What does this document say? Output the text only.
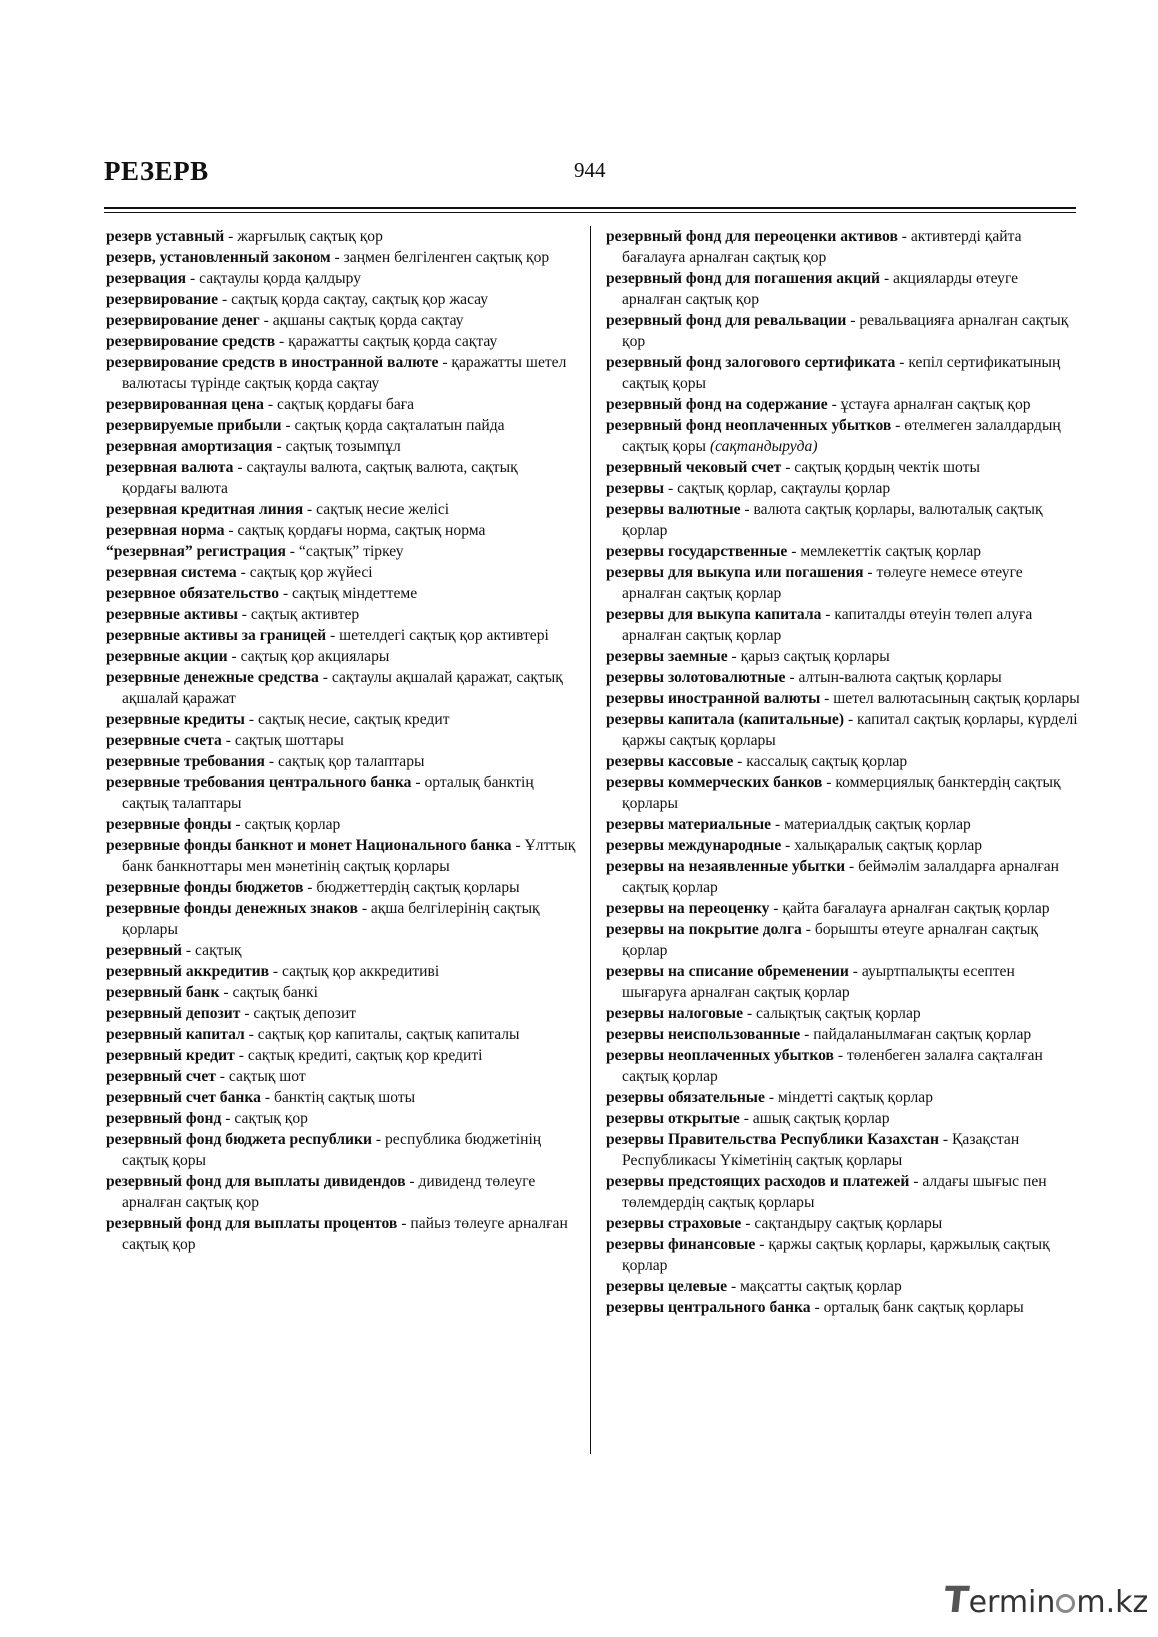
РЕЗЕРВ	944
резерв уставный - жарғылық сақтық қор
резерв, установленный законом - заңмен белгіленген сақтық қор
резервация - сақтаулы қорда қалдыру
резервирование - сақтық қорда сақтау, сақтық қор жасау
резервирование денег - ақшаны сақтық қорда сақтау
резервирование средств - қаражатты сақтық қорда сақтау
резервирование средств в иностранной валюте - қаражатты шетел валютасы түрінде сақтық қорда сақтау
резервированная цена - сақтық қордағы баға
резервируемые прибыли - сақтық қорда сақталатын пайда
резервная амортизация - сақтық тозымпұл
резервная валюта - сақтаулы валюта, сақтық валюта, сақтық қордағы валюта
резервная кредитная линия - сақтық несие желісі
резервная норма - сақтық қордағы норма, сақтық норма
“резервная” регистрация - “сақтық” тіркеу
резервная система - сақтық қор жүйесі
резервное обязательство - сақтық міндеттеме
резервные активы - сақтық активтер
резервные активы за границей - шетелдегі сақтық қор активтері
резервные акции - сақтық қор акциялары
резервные денежные средства - сақтаулы ақшалай қаражат, сақтық ақшалай қаражат
резервные кредиты - сақтық несие, сақтық кредит
резервные счета - сақтық шоттары
резервные требования - сақтық қор талаптары
резервные требования центрального банка - орталық банктің сақтық талаптары
резервные фонды - сақтық қорлар
резервные фонды банкнот и монет Национального банка - Ұлттық банк банкноттары мен мәнетінің сақтық қорлары
резервные фонды бюджетов - бюджеттердің сақтық қорлары
резервные фонды денежных знаков - ақша белгілерінің сақтық қорлары
резервный - сақтық
резервный аккредитив - сақтық қор аккредитиві
резервный банк - сақтық банкі
резервный депозит - сақтық депозит
резервный капитал - сақтық қор капиталы, сақтық капиталы
резервный кредит - сақтық кредиті, сақтық қор кредиті
резервный счет - сақтық шот
резервный счет банка - банктің сақтық шоты
резервный фонд - сақтық қор
резервный фонд бюджета республики - республика бюджетінің сақтық қоры
резервный фонд для выплаты дивидендов - дивиденд төлеуге арналған сақтық қор
резервный фонд для выплаты процентов - пайыз төлеуге арналған сақтық қор
резервный фонд для переоценки активов - активтерді қайта бағалауға арналған сақтық қор
резервный фонд для погашения акций - акцияларды өтеуге арналған сақтық қор
резервный фонд для ревальвации - ревальвацияға арналған сақтық қор
резервный фонд залогового сертификата - кепіл сертификатының сақтық қоры
резервный фонд на содержание - ұстауға арналған сақтық қор
резервный фонд неоплаченных убытков - өтелмеген залалдардың сақтық қоры (сақтандыруда)
резервный чековый счет - сақтық қордың чектік шоты
резервы - сақтық қорлар, сақтаулы қорлар
резервы валютные - валюта сақтық қорлары, валюталық сақтық қорлар
резервы государственные - мемлекеттік сақтық қорлар
резервы для выкупа или погашения - төлеуге немесе өтеуге арналған сақтық қорлар
резервы для выкупа капитала - капиталды өтеуін төлеп алуға арналған сақтық қорлар
резервы заемные - қарыз сақтық қорлары
резервы золотовалютные - алтын-валюта сақтық қорлары
резервы иностранной валюты - шетел валютасының сақтық қорлары
резервы капитала (капитальные) - капитал сақтық қорлары, күрделі қаржы сақтық қорлары
резервы кассовые - кассалық сақтық қорлар
резервы коммерческих банков - коммерциялық банктердің сақтық қорлары
резервы материальные - материалдық сақтық қорлар
резервы международные - халықаралық сақтық қорлар
резервы на незаявленные убытки - беймәлім залалдарға арналған сақтық қорлар
резервы на переоценку - қайта бағалауға арналған сақтық қорлар
резервы на покрытие долга - борышты өтеуге арналған сақтық қорлар
резервы на списание обременении - ауыртпалықты есептен шығаруға арналған сақтық қорлар
резервы налоговые - салықтық сақтық қорлар
резервы неиспользованные - пайдаланылмаған сақтық қорлар
резервы неоплаченных убытков - төленбеген залалға сақталған сақтық қорлар
резервы обязательные - міндетті сақтық қорлар
резервы открытые - ашық сақтық қорлар
резервы Правительства Республики Казахстан - Қазақстан Республикасы Үкіметінің сақтық қорлары
резервы предстоящих расходов и платежей - алдағы шығыс пен төлемдердің сақтық қорлары
резервы страховые - сақтандыру сақтық қорлары
резервы финансовые - қаржы сақтық қорлары, қаржылық сақтық қорлар
резервы целевые - мақсатты сақтық қорлар
резервы центрального банка - орталық банк сақтық қорлары
Termin m.kz
